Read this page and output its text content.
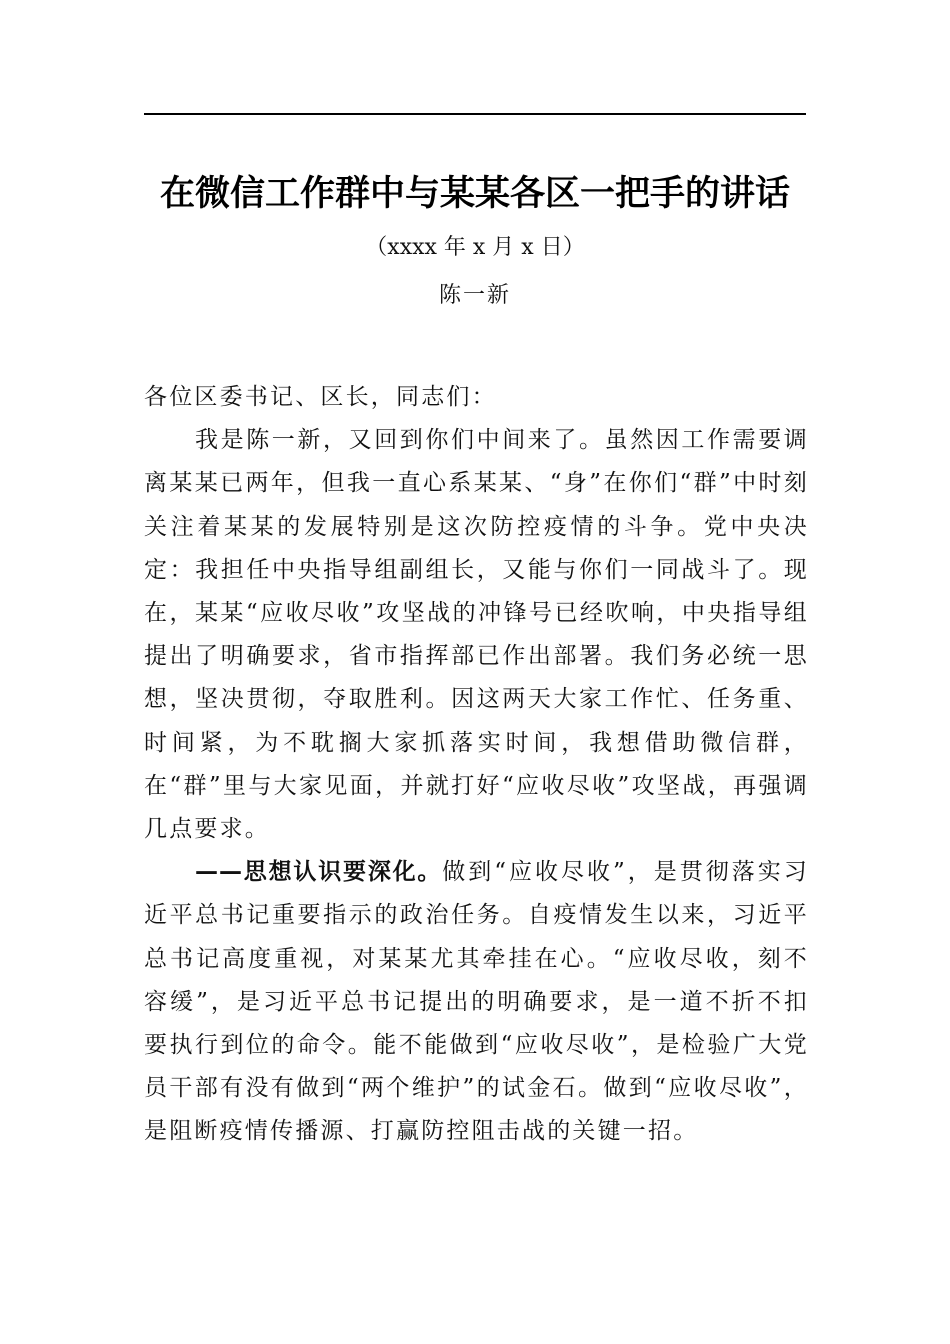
在微信工作群中与某某各区一把手的讲话
（xxxx 年 x 月 x 日）
陈一新

各位区委书记、区长，同志们：

我是陈一新，又回到你们中间来了。虽然因工作需要调离某某已两年，但我一直心系某某、“身”在你们“群”中时刻关注着某某的发展特别是这次防控疫情的斗争。党中央决定：我担任中央指导组副组长，又能与你们一同战斗了。现在，某某“应收尽收”攻坚战的冲锋号已经吹响，中央指导组提出了明确要求，省市指挥部已作出部署。我们务必统一思想，坚决贯彻，夺取胜利。因这两天大家工作忙、任务重、时间紧，为不耽搁大家抓落实时间，我想借助微信群，在“群”里与大家见面，并就打好“应收尽收”攻坚战，再强调几点要求。

——思想认识要深化。做到“应收尽收”，是贯彻落实习近平总书记重要指示的政治任务。自疫情发生以来，习近平总书记高度重视，对某某尤其牵挂在心。“应收尽收，刻不容缓”，是习近平总书记提出的明确要求，是一道不折不扣要执行到位的命令。能不能做到“应收尽收”，是检验广大党员干部有没有做到“两个维护”的试金石。做到“应收尽收”，是阻断疫情传播源、打赢防控阻击战的关键一招。
